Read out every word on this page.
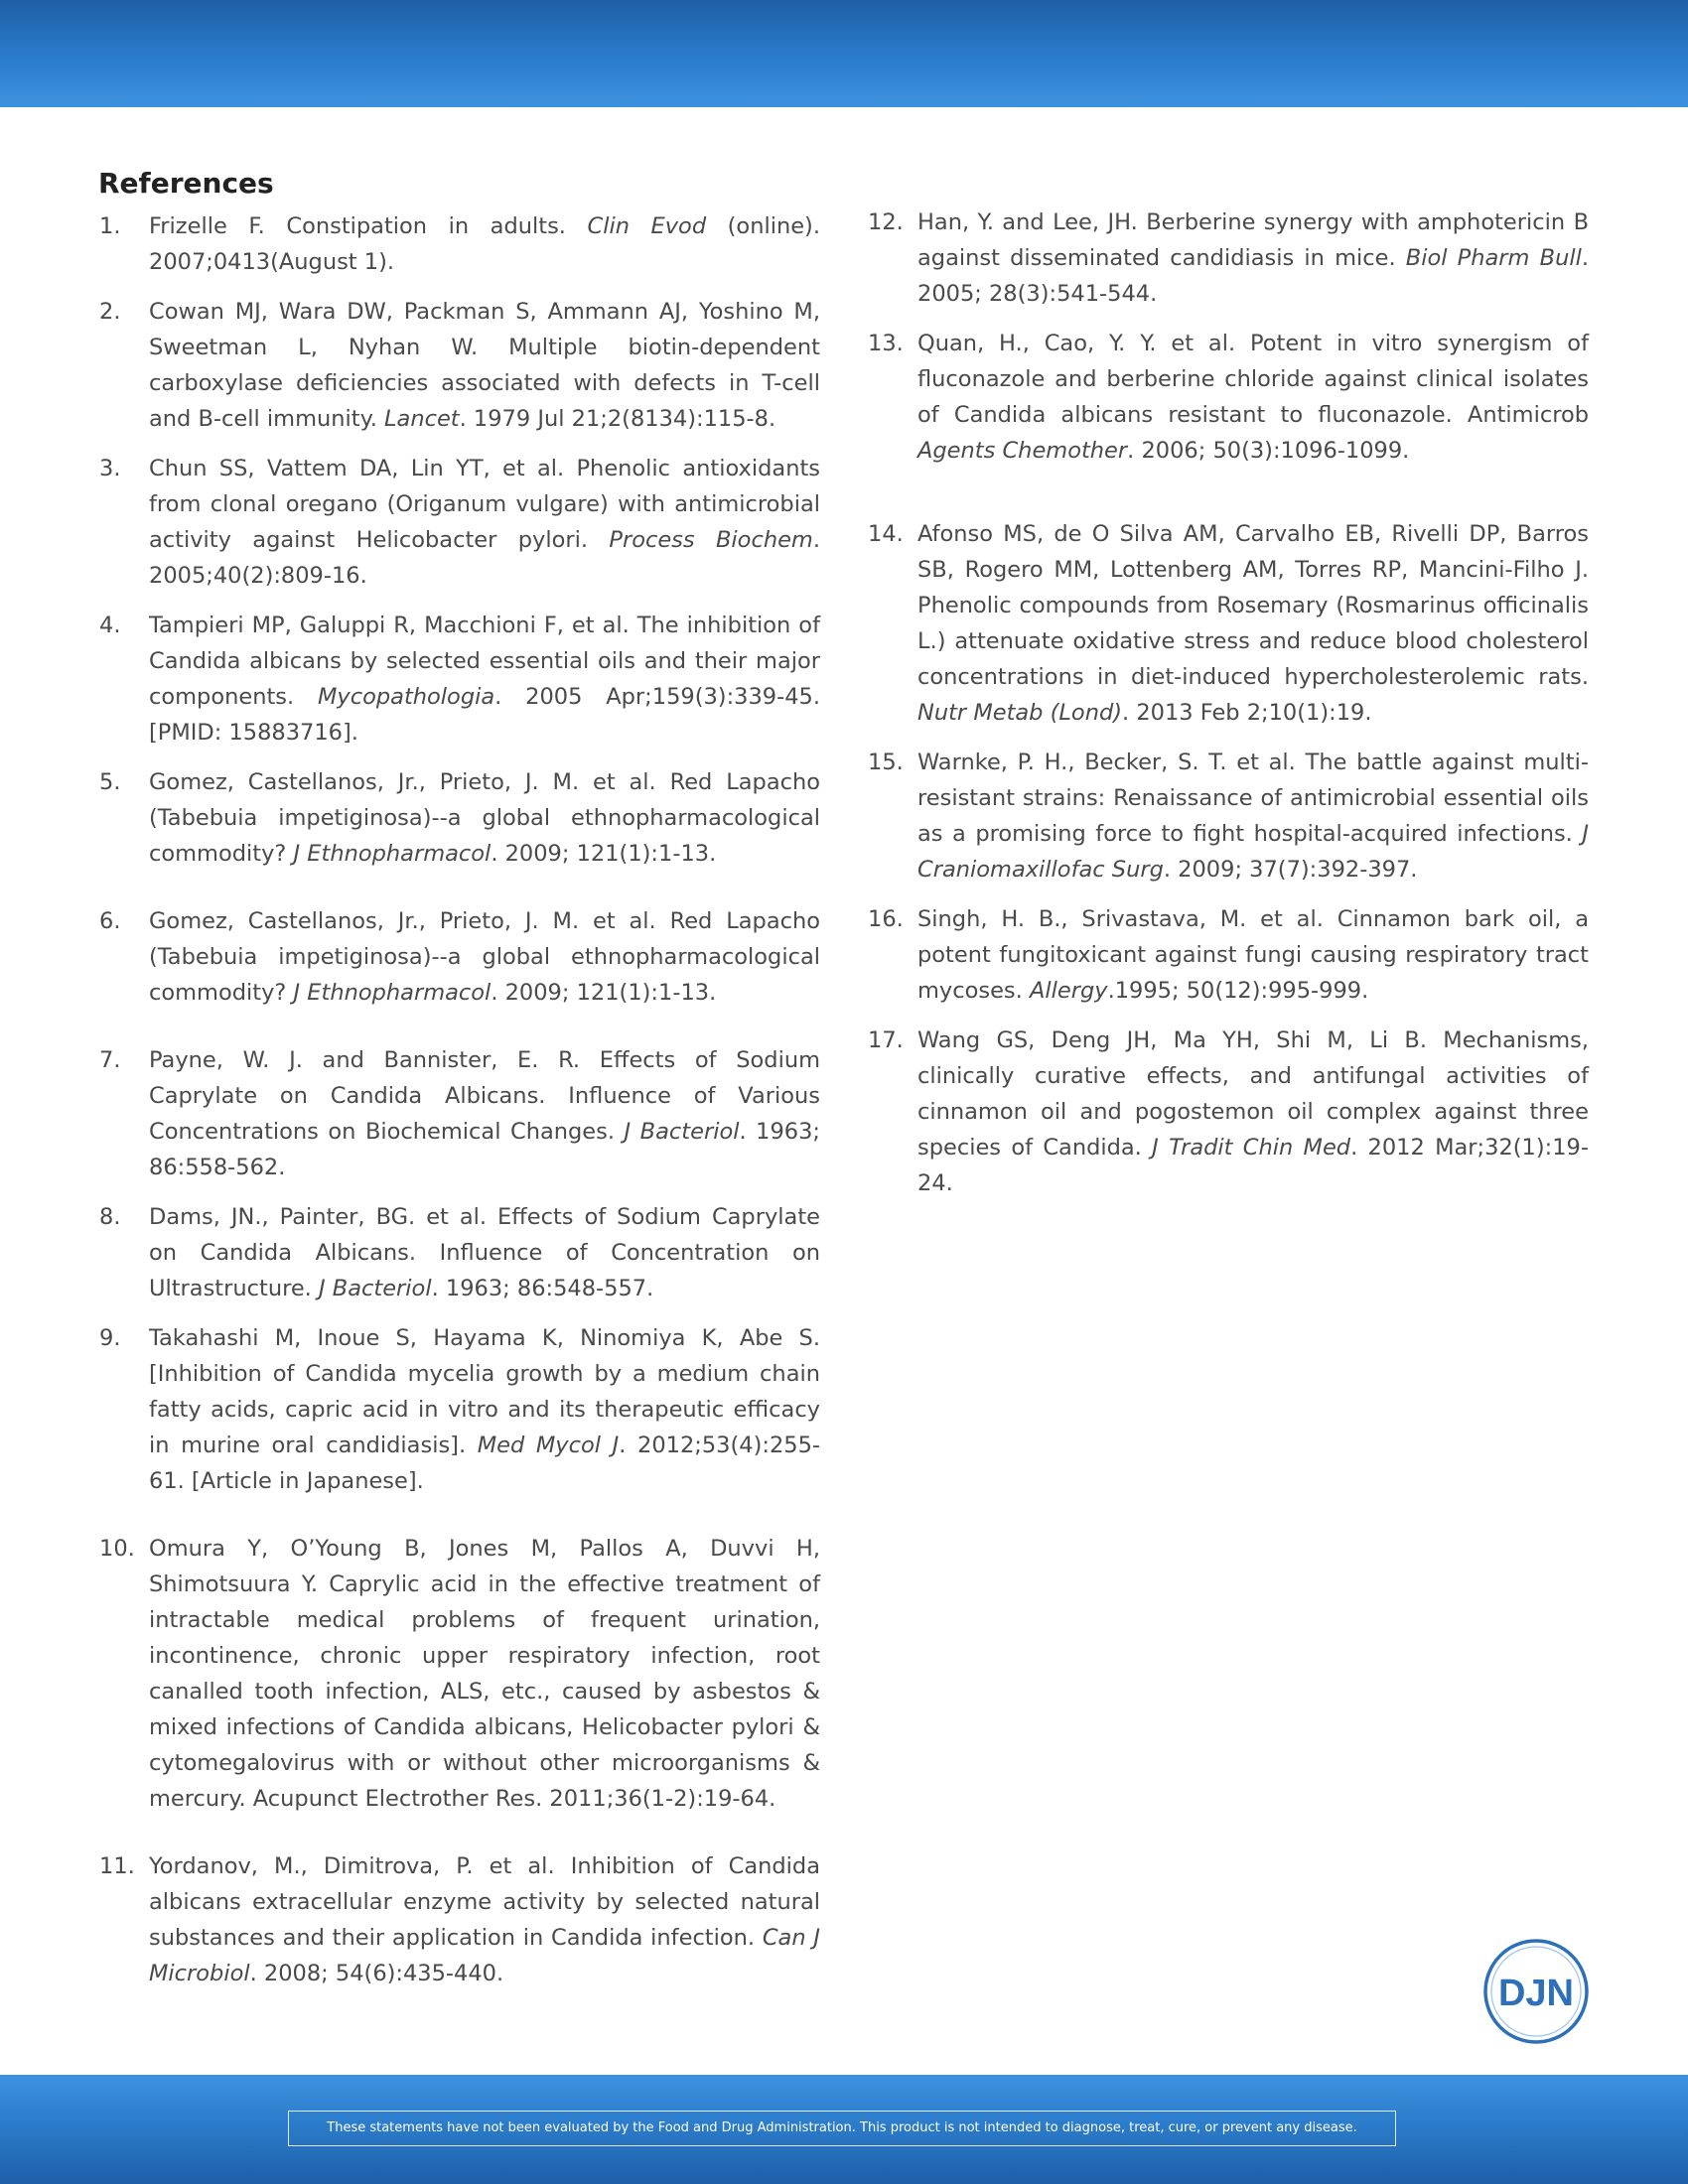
References
1. Frizelle F. Constipation in adults. Clin Evod (online). 2007;0413(August 1).
2. Cowan MJ, Wara DW, Packman S, Ammann AJ, Yoshino M, Sweetman L, Nyhan W. Multiple biotin-dependent carboxylase deficiencies associated with defects in T-cell and B-cell immunity. Lancet. 1979 Jul 21;2(8134):115-8.
3. Chun SS, Vattem DA, Lin YT, et al. Phenolic antioxidants from clonal oregano (Origanum vulgare) with antimicrobial activity against Helicobacter pylori. Process Biochem. 2005;40(2):809-16.
4. Tampieri MP, Galuppi R, Macchioni F, et al. The inhibition of Candida albicans by selected essential oils and their major components. Mycopathologia. 2005 Apr;159(3):339-45. [PMID: 15883716].
5. Gomez, Castellanos, Jr., Prieto, J. M. et al. Red Lapacho (Tabebuia impetiginosa)--a global ethnopharmacological commodity? J Ethnopharmacol. 2009; 121(1):1-13.
6. Gomez, Castellanos, Jr., Prieto, J. M. et al. Red Lapacho (Tabebuia impetiginosa)--a global ethnopharmacological commodity? J Ethnopharmacol. 2009; 121(1):1-13.
7. Payne, W. J. and Bannister, E. R. Effects of Sodium Caprylate on Candida Albicans. Influence of Various Concentrations on Biochemical Changes. J Bacteriol. 1963; 86:558-562.
8. Dams, JN., Painter, BG. et al. Effects of Sodium Caprylate on Candida Albicans. Influence of Concentration on Ultrastructure. J Bacteriol. 1963; 86:548-557.
9. Takahashi M, Inoue S, Hayama K, Ninomiya K, Abe S. [Inhibition of Candida mycelia growth by a medium chain fatty acids, capric acid in vitro and its therapeutic efficacy in murine oral candidiasis]. Med Mycol J. 2012;53(4):255-61. [Article in Japanese].
10. Omura Y, O’Young B, Jones M, Pallos A, Duvvi H, Shimotsuura Y. Caprylic acid in the effective treatment of intractable medical problems of frequent urination, incontinence, chronic upper respiratory infection, root canalled tooth infection, ALS, etc., caused by asbestos & mixed infections of Candida albicans, Helicobacter pylori & cytomegalovirus with or without other microorganisms & mercury. Acupunct Electrother Res. 2011;36(1-2):19-64.
11. Yordanov, M., Dimitrova, P. et al. Inhibition of Candida albicans extracellular enzyme activity by selected natural substances and their application in Candida infection. Can J Microbiol. 2008; 54(6):435-440.
12. Han, Y. and Lee, JH. Berberine synergy with amphotericin B against disseminated candidiasis in mice. Biol Pharm Bull. 2005; 28(3):541-544.
13. Quan, H., Cao, Y. Y. et al. Potent in vitro synergism of fluconazole and berberine chloride against clinical isolates of Candida albicans resistant to fluconazole. Antimicrob Agents Chemother. 2006; 50(3):1096-1099.
14. Afonso MS, de O Silva AM, Carvalho EB, Rivelli DP, Barros SB, Rogero MM, Lottenberg AM, Torres RP, Mancini-Filho J. Phenolic compounds from Rosemary (Rosmarinus officinalis L.) attenuate oxidative stress and reduce blood cholesterol concentrations in diet-induced hypercholesterolemic rats. Nutr Metab (Lond). 2013 Feb 2;10(1):19.
15. Warnke, P. H., Becker, S. T. et al. The battle against multi-resistant strains: Renaissance of antimicrobial essential oils as a promising force to fight hospital-acquired infections. J Craniomaxillofac Surg. 2009; 37(7):392-397.
16. Singh, H. B., Srivastava, M. et al. Cinnamon bark oil, a potent fungitoxicant against fungi causing respiratory tract mycoses. Allergy.1995; 50(12):995-999.
17. Wang GS, Deng JH, Ma YH, Shi M, Li B. Mechanisms, clinically curative effects, and antifungal activities of cinnamon oil and pogostemon oil complex against three species of Candida. J Tradit Chin Med. 2012 Mar;32(1):19-24.
DJN
These statements have not been evaluated by the Food and Drug Administration. This product is not intended to diagnose, treat, cure, or prevent any disease.
